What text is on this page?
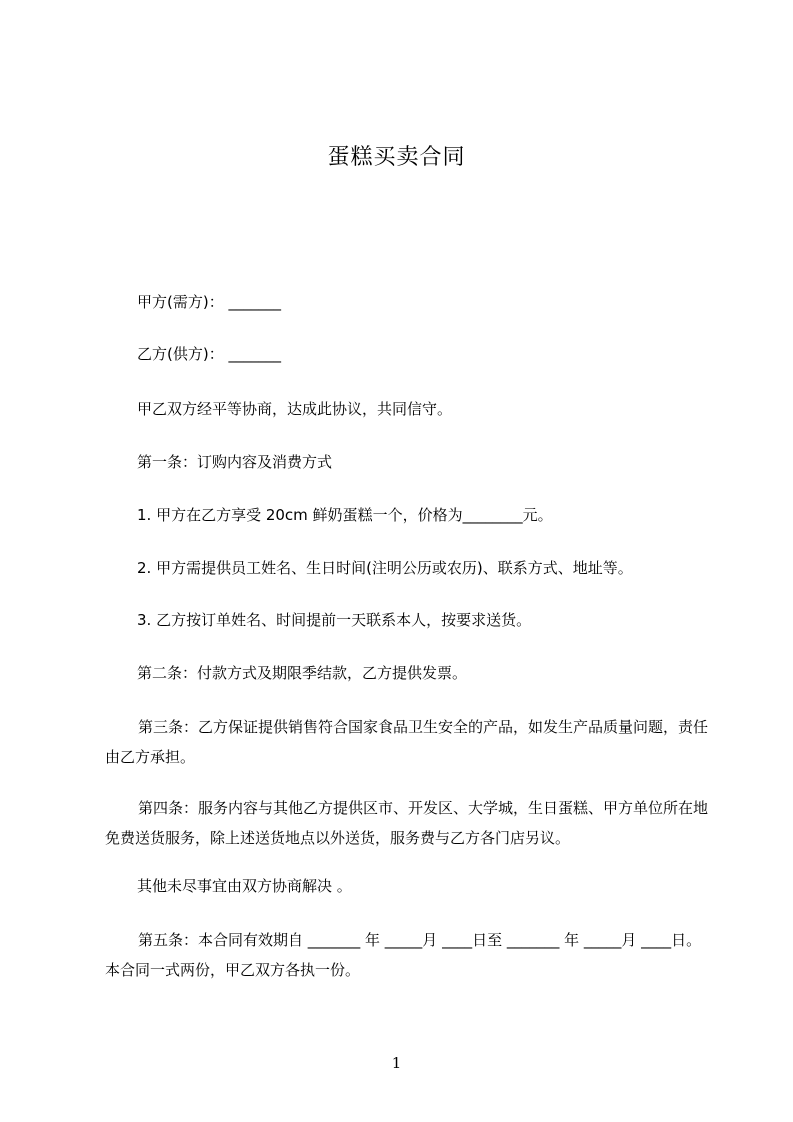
蛋糕买卖合同
甲方(需方)： _______
乙方(供方)： _______
甲乙双方经平等协商，达成此协议，共同信守。
第一条：订购内容及消费方式
1. 甲方在乙方享受 20cm 鲜奶蛋糕一个，价格为________元。
2. 甲方需提供员工姓名、生日时间(注明公历或农历)、联系方式、地址等。
3. 乙方按订单姓名、时间提前一天联系本人，按要求送货。
第二条：付款方式及期限季结款，乙方提供发票。
第三条：乙方保证提供销售符合国家食品卫生安全的产品，如发生产品质量问题，责任由乙方承担。
第四条：服务内容与其他乙方提供区市、开发区、大学城，生日蛋糕、甲方单位所在地免费送货服务，除上述送货地点以外送货，服务费与乙方各门店另议。
其他未尽事宜由双方协商解决 。
第五条：本合同有效期自 _______ 年 _____月 ____日至 _______ 年 _____月 ____日。 本合同一式两份，甲乙双方各执一份。
1
